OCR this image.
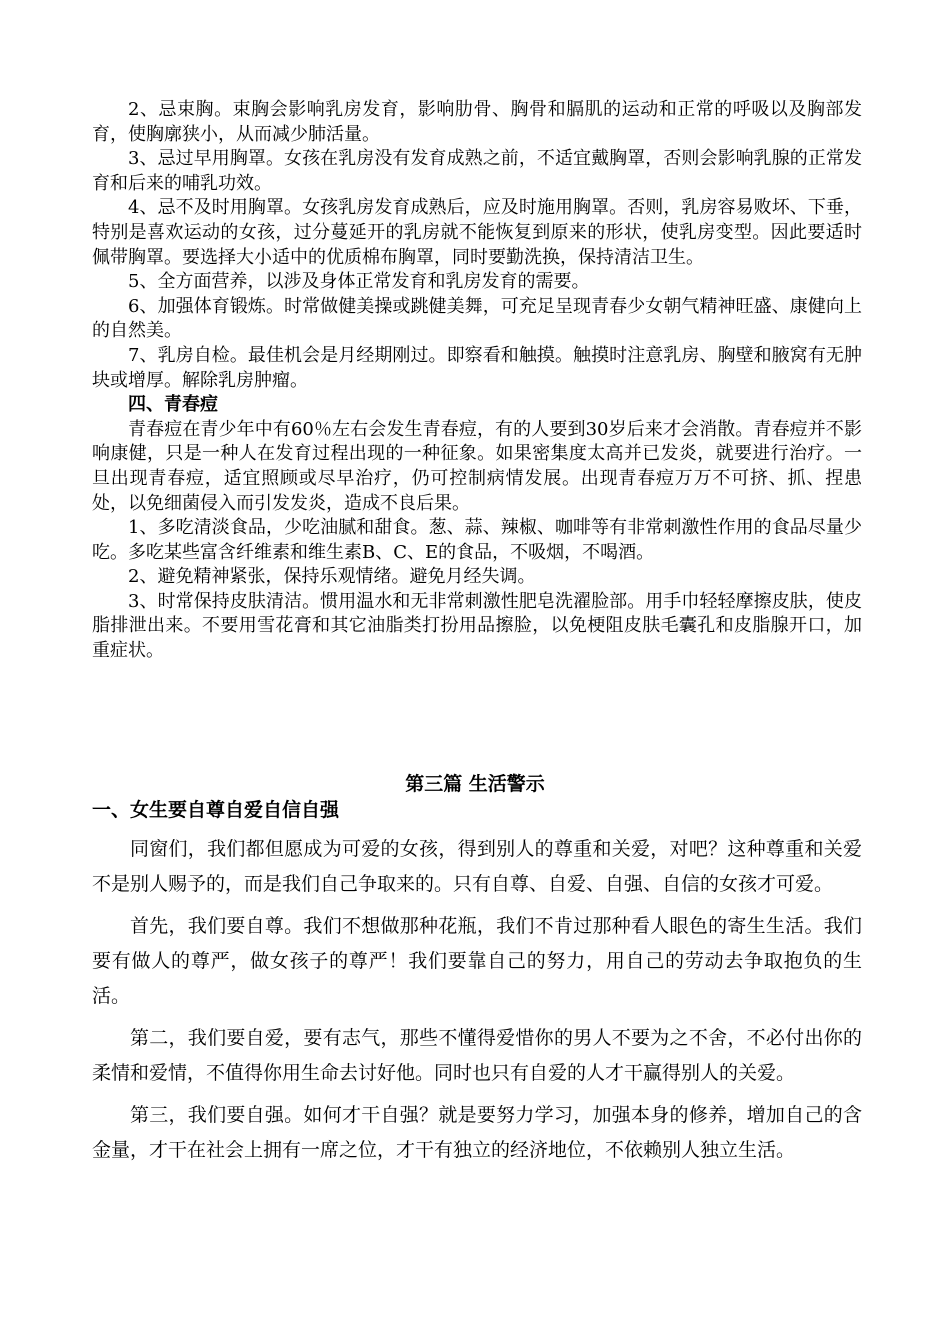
2、忌束胸。束胸会影响乳房发育，影响肋骨、胸骨和膈肌的运动和正常的呼吸以及胸部发育，使胸廓狭小，从而减少肺活量。

3、忌过早用胸罩。女孩在乳房没有发育成熟之前，不适宜戴胸罩，否则会影响乳腺的正常发育和后来的哺乳功效。

4、忌不及时用胸罩。女孩乳房发育成熟后，应及时施用胸罩。否则，乳房容易败坏、下垂，特别是喜欢运动的女孩，过分蔓延开的乳房就不能恢复到原来的形状，使乳房变型。因此要适时佩带胸罩。要选择大小适中的优质棉布胸罩，同时要勤洗换，保持清洁卫生。

5、全方面营养，以涉及身体正常发育和乳房发育的需要。

6、加强体育锻炼。时常做健美操或跳健美舞，可充足呈现青春少女朝气精神旺盛、康健向上的自然美。

7、乳房自检。最佳机会是月经期刚过。即察看和触摸。触摸时注意乳房、胸壁和腋窝有无肿块或增厚。解除乳房肿瘤。

四、青春痘

青春痘在青少年中有60％左右会发生青春痘，有的人要到30岁后来才会消散。青春痘并不影响康健，只是一种人在发育过程出现的一种征象。如果密集度太高并已发炎，就要进行治疗。一旦出现青春痘，适宜照顾或尽早治疗，仍可控制病情发展。出现青春痘万万不可挤、抓、捏患处，以免细菌侵入而引发发炎，造成不良后果。

1、多吃清淡食品，少吃油腻和甜食。葱、蒜、辣椒、咖啡等有非常刺激性作用的食品尽量少吃。多吃某些富含纤维素和维生素B、C、E的食品，不吸烟，不喝酒。

2、避免精神紧张，保持乐观情绪。避免月经失调。

3、时常保持皮肤清洁。惯用温水和无非常刺激性肥皂洗濯脸部。用手巾轻轻摩擦皮肤，使皮脂排泄出来。不要用雪花膏和其它油脂类打扮用品擦脸，以免梗阻皮肤毛囊孔和皮脂腺开口，加重症状。

第三篇 生活警示
一、女生要自尊自爱自信自强

同窗们，我们都但愿成为可爱的女孩，得到别人的尊重和关爱，对吧？这种尊重和关爱不是别人赐予的，而是我们自己争取来的。只有自尊、自爱、自强、自信的女孩才可爱。

首先，我们要自尊。我们不想做那种花瓶，我们不肯过那种看人眼色的寄生生活。我们要有做人的尊严，做女孩子的尊严！我们要靠自己的努力，用自己的劳动去争取抱负的生活。

第二，我们要自爱，要有志气，那些不懂得爱惜你的男人不要为之不舍，不必付出你的柔情和爱情，不值得你用生命去讨好他。同时也只有自爱的人才干赢得别人的关爱。

第三，我们要自强。如何才干自强？就是要努力学习，加强本身的修养，增加自己的含金量，才干在社会上拥有一席之位，才干有独立的经济地位，不依赖别人独立生活。
